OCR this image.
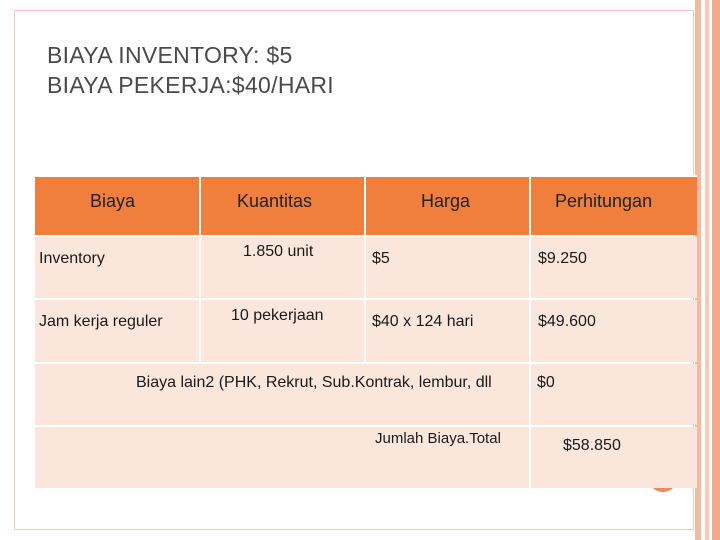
BIAYA INVENTORY: $5
BIAYA PEKERJA:$40/HARI
Biaya	Kuantitas	Harga	Perhitungan
Inventory	1.850 unit	$5	$9.250
Jam kerja reguler	10 pekerjaan	$40 x 124 hari	$49.600
Biaya lain2 (PHK, Rekrut, Sub.Kontrak, lembur, dll	$0
Jumlah Biaya.Total	$58.850
